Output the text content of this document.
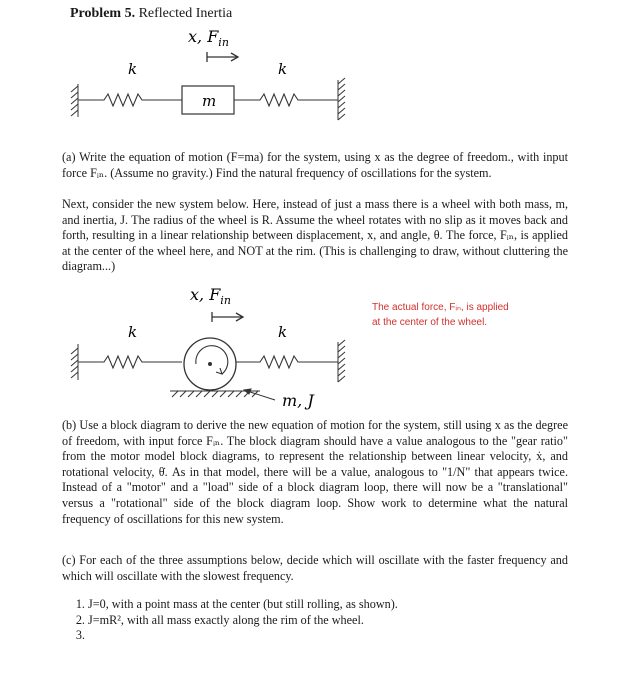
Problem 5. Reflected Inertia
x, $F_{in}$
k	k
m
(a) Write the equation of motion (F=ma) for the system, using x as the degree of freedom., with input force Fᵢₙ. (Assume no gravity.) Find the natural frequency of oscillations for the system.
Next, consider the new system below. Here, instead of just a mass there is a wheel with both mass, m, and inertia, J. The radius of the wheel is R. Assume the wheel rotates with no slip as it moves back and forth, resulting in a linear relationship between displacement, x, and angle, θ. The force, Fᵢₙ, is applied at the center of the wheel here, and NOT at the rim. (This is challenging to draw, without cluttering the diagram...)
x, $F_{in}$
k	k
m, J
The actual force, Fᵢₙ, is applied
at the center of the wheel.
(b) Use a block diagram to derive the new equation of motion for the system, still using x as the degree of freedom, with input force Fᵢₙ. The block diagram should have a value analogous to the "gear ratio" from the motor model block diagrams, to represent the relationship between linear velocity, ẋ, and rotational velocity, θ̇. As in that model, there will be a value, analogous to "1/N" that appears twice. Instead of a "motor" and a "load" side of a block diagram loop, there will now be a "translational" versus a "rotational" side of the block diagram loop. Show work to determine what the natural frequency of oscillations for this new system.
(c) For each of the three assumptions below, decide which will oscillate with the faster frequency and which will oscillate with the slowest frequency.
1. J=0, with a point mass at the center (but still rolling, as shown).
2. J=mR², with all mass exactly along the rim of the wheel.
3.
